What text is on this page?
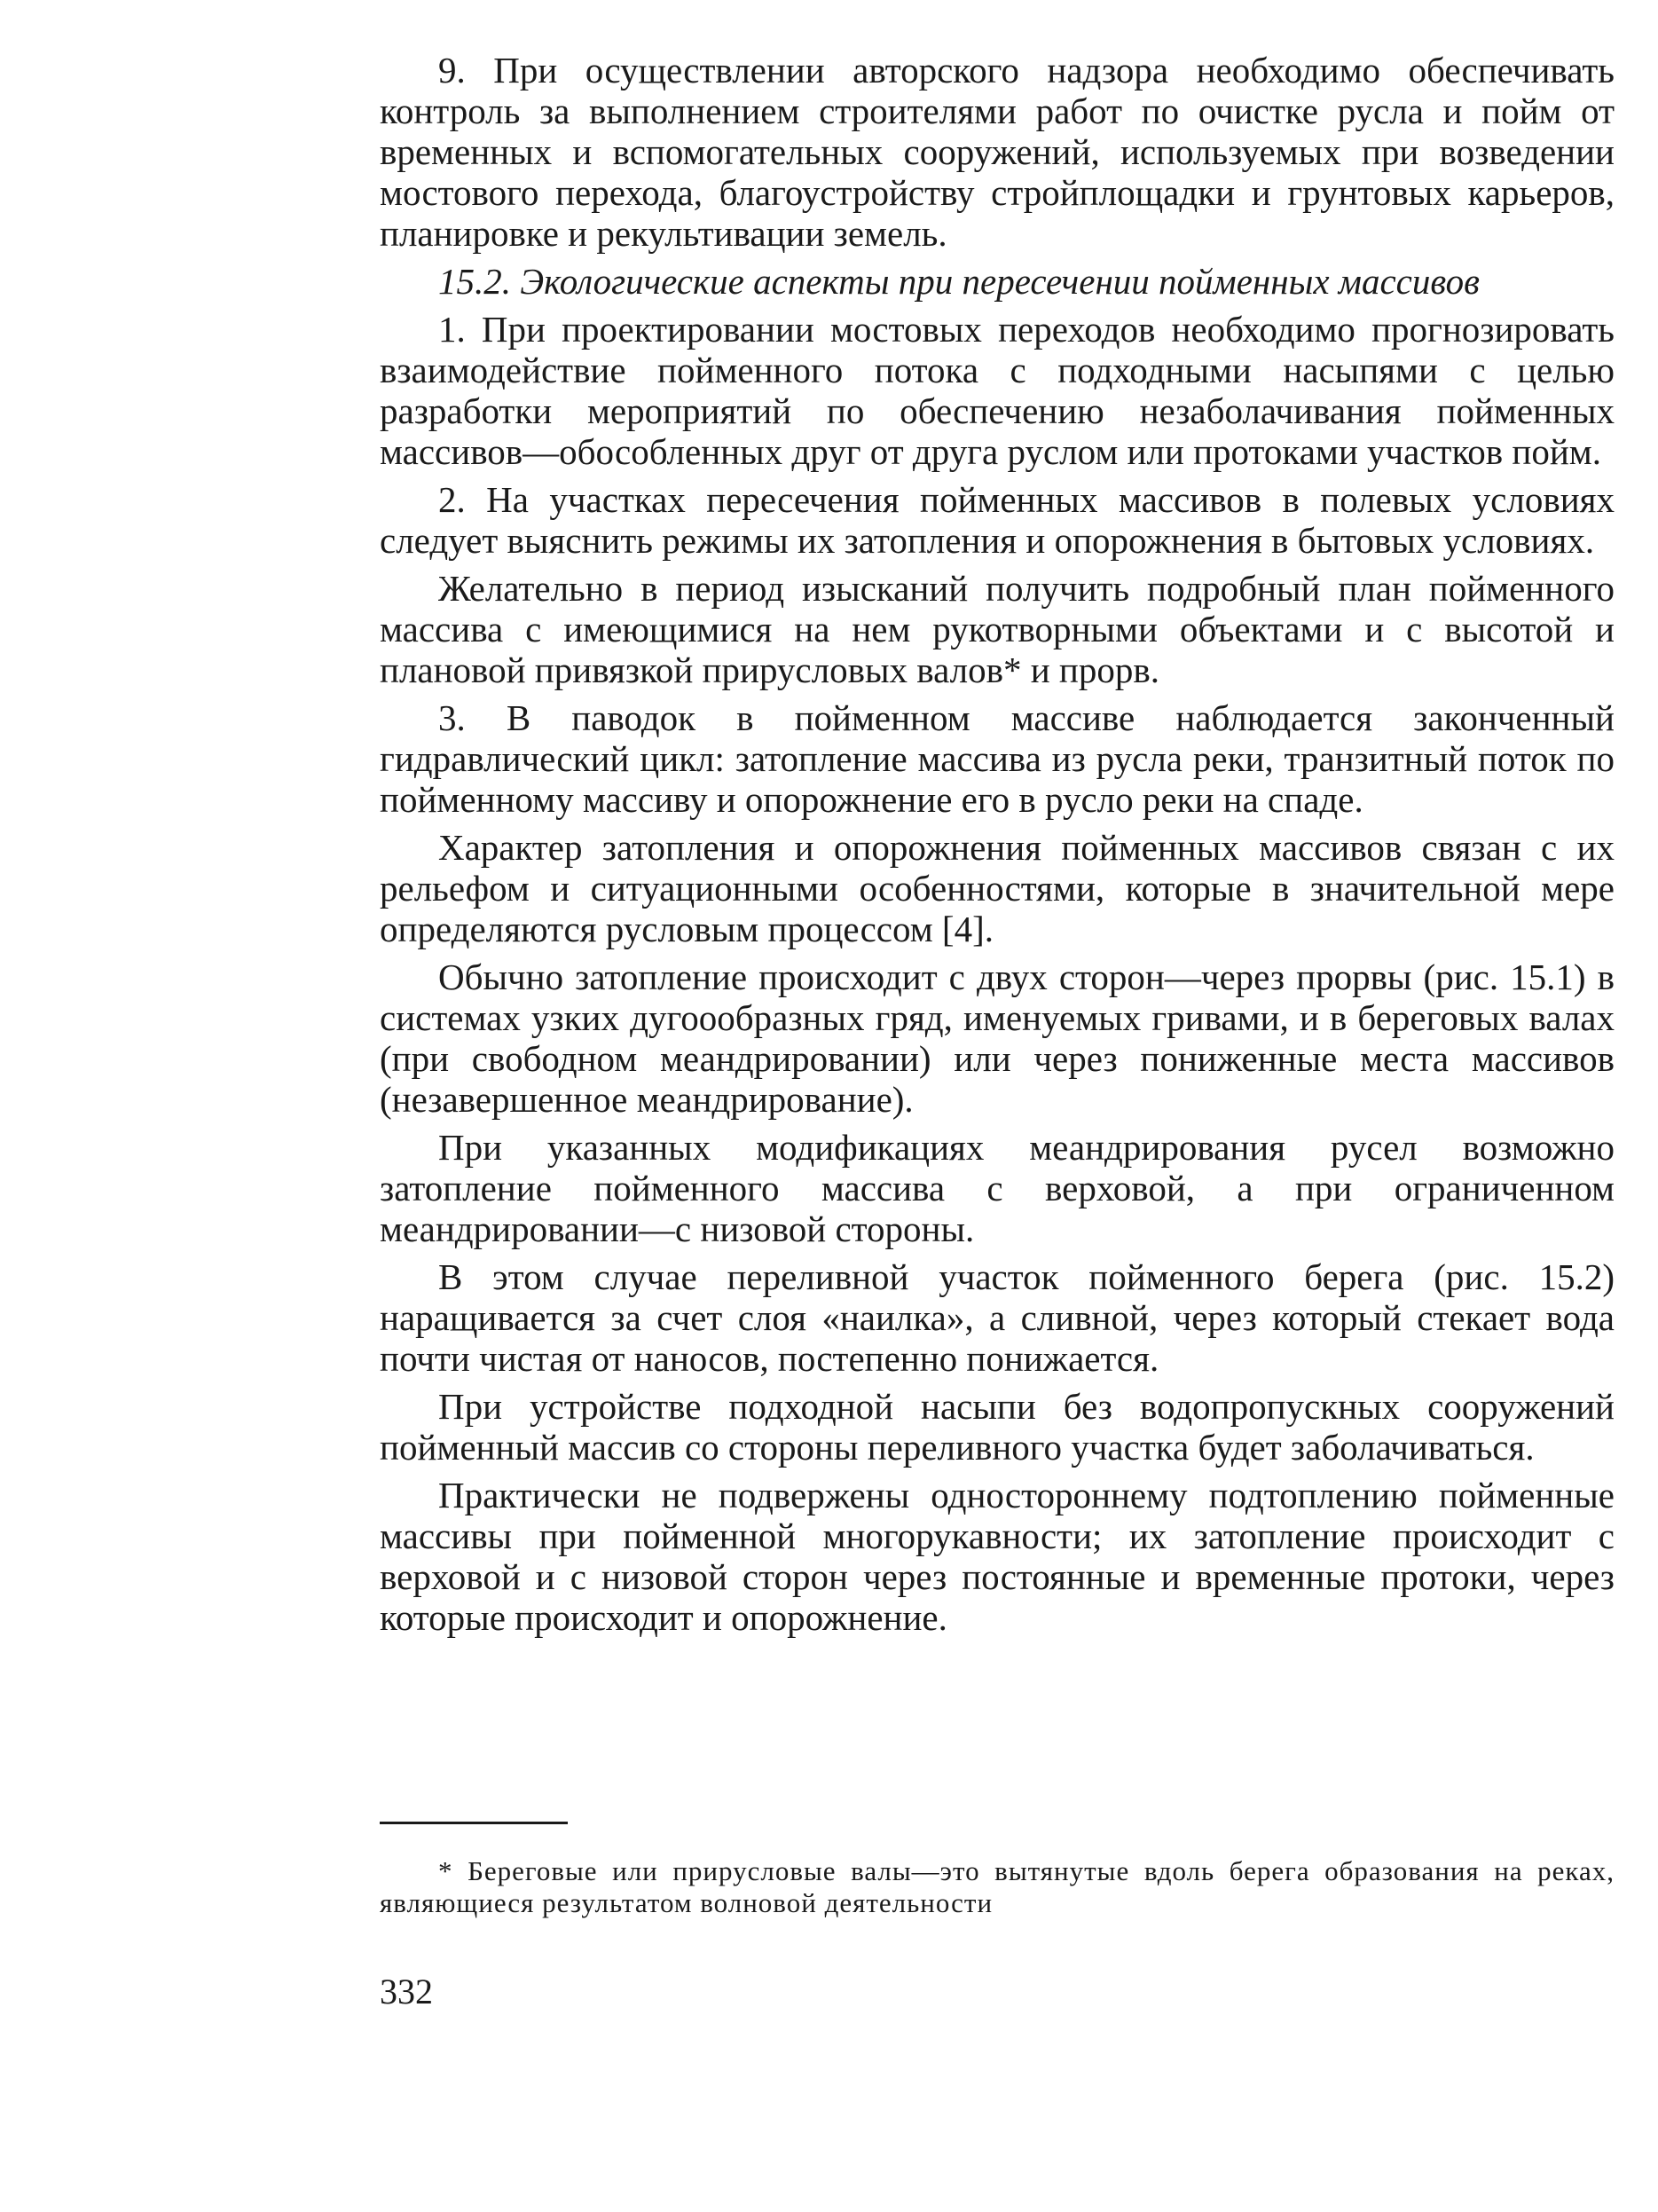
9. При осуществлении авторского надзора необходимо обеспечивать контроль за выполнением строителями работ по очистке русла и пойм от временных и вспомогательных сооружений, используемых при возведении мостового перехода, благоустройству стройплощадки и грунтовых карьеров, планировке и рекультивации земель.

15.2. Экологические аспекты при пересечении пойменных массивов

1. При проектировании мостовых переходов необходимо прогнозировать взаимодействие пойменного потока с подходными насыпями с целью разработки мероприятий по обеспечению незаболачивания пойменных массивов—обособленных друг от друга руслом или протоками участков пойм.

2. На участках пересечения пойменных массивов в полевых условиях следует выяснить режимы их затопления и опорожнения в бытовых условиях.

Желательно в период изысканий получить подробный план пойменного массива с имеющимися на нем рукотворными объектами и с высотой и плановой привязкой прирусловых валов* и прорв.

3. В паводок в пойменном массиве наблюдается законченный гидравлический цикл: затопление массива из русла реки, транзитный поток по пойменному массиву и опорожнение его в русло реки на спаде.

Характер затопления и опорожнения пойменных массивов связан с их рельефом и ситуационными особенностями, которые в значительной мере определяются русловым процессом [4].

Обычно затопление происходит с двух сторон—через прорвы (рис. 15.1) в системах узких дугоообразных гряд, именуемых гривами, и в береговых валах (при свободном меандрировании) или через пониженные места массивов (незавершенное меандрирование).

При указанных модификациях меандрирования русел возможно затопление пойменного массива с верховой, а при ограниченном меандрировании—с низовой стороны.

В этом случае переливной участок пойменного берега (рис. 15.2) наращивается за счет слоя «наилка», а сливной, через который стекает вода почти чистая от наносов, постепенно понижается.

При устройстве подходной насыпи без водопропускных сооружений пойменный массив со стороны переливного участка будет заболачиваться.

Практически не подвержены одностороннему подтоплению пойменные массивы при пойменной многорукавности; их затопление происходит с верховой и с низовой сторон через постоянные и временные протоки, через которые происходит и опорожнение.

* Береговые или прирусловые валы—это вытянутые вдоль берега образования на реках, являющиеся результатом волновой деятельности

332
